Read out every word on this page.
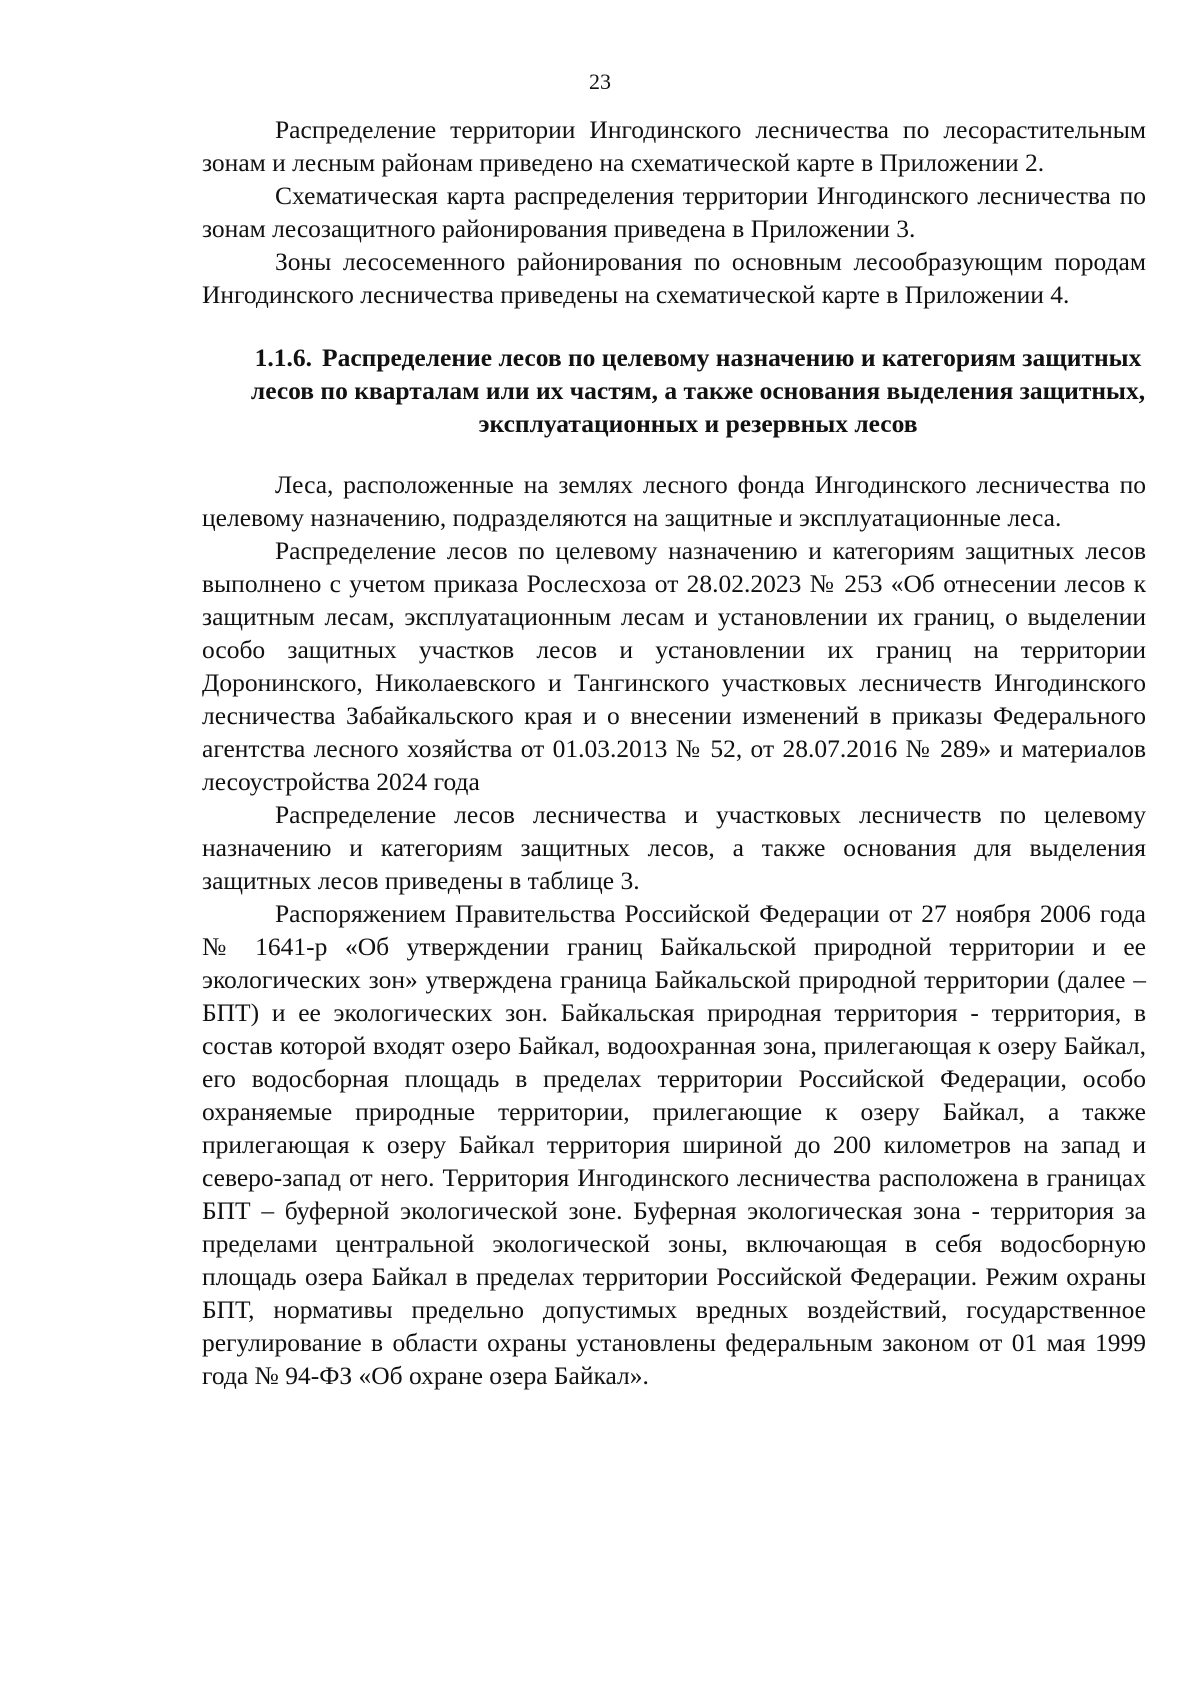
23

Распределение территории Ингодинского лесничества по лесорастительным зонам и лесным районам приведено на схематической карте в Приложении 2.

Схематическая карта распределения территории Ингодинского лесничества по зонам лесозащитного районирования приведена в Приложении 3.

Зоны лесосеменного районирования по основным лесообразующим породам Ингодинского лесничества приведены на схематической карте в Приложении 4.

1.1.6. Распределение лесов по целевому назначению и категориям защитных лесов по кварталам или их частям, а также основания выделения защитных, эксплуатационных и резервных лесов

Леса, расположенные на землях лесного фонда Ингодинского лесничества по целевому назначению, подразделяются на защитные и эксплуатационные леса.

Распределение лесов по целевому назначению и категориям защитных лесов выполнено с учетом приказа Рослесхоза от 28.02.2023 № 253 «Об отнесении лесов к защитным лесам, эксплуатационным лесам и установлении их границ, о выделении особо защитных участков лесов и установлении их границ на территории Доронинского, Николаевского и Тангинского участковых лесничеств Ингодинского лесничества Забайкальского края и о внесении изменений в приказы Федерального агентства лесного хозяйства от 01.03.2013 № 52, от 28.07.2016 № 289» и материалов лесоустройства 2024 года

Распределение лесов лесничества и участковых лесничеств по целевому назначению и категориям защитных лесов, а также основания для выделения защитных лесов приведены в таблице 3.

Распоряжением Правительства Российской Федерации от 27 ноября 2006 года № 1641-р «Об утверждении границ Байкальской природной территории и ее экологических зон» утверждена граница Байкальской природной территории (далее – БПТ) и ее экологических зон. Байкальская природная территория - территория, в состав которой входят озеро Байкал, водоохранная зона, прилегающая к озеру Байкал, его водосборная площадь в пределах территории Российской Федерации, особо охраняемые природные территории, прилегающие к озеру Байкал, а также прилегающая к озеру Байкал территория шириной до 200 километров на запад и северо-запад от него. Территория Ингодинского лесничества расположена в границах БПТ – буферной экологической зоне. Буферная экологическая зона - территория за пределами центральной экологической зоны, включающая в себя водосборную площадь озера Байкал в пределах территории Российской Федерации. Режим охраны БПТ, нормативы предельно допустимых вредных воздействий, государственное регулирование в области охраны установлены федеральным законом от 01 мая 1999 года № 94-ФЗ «Об охране озера Байкал».
